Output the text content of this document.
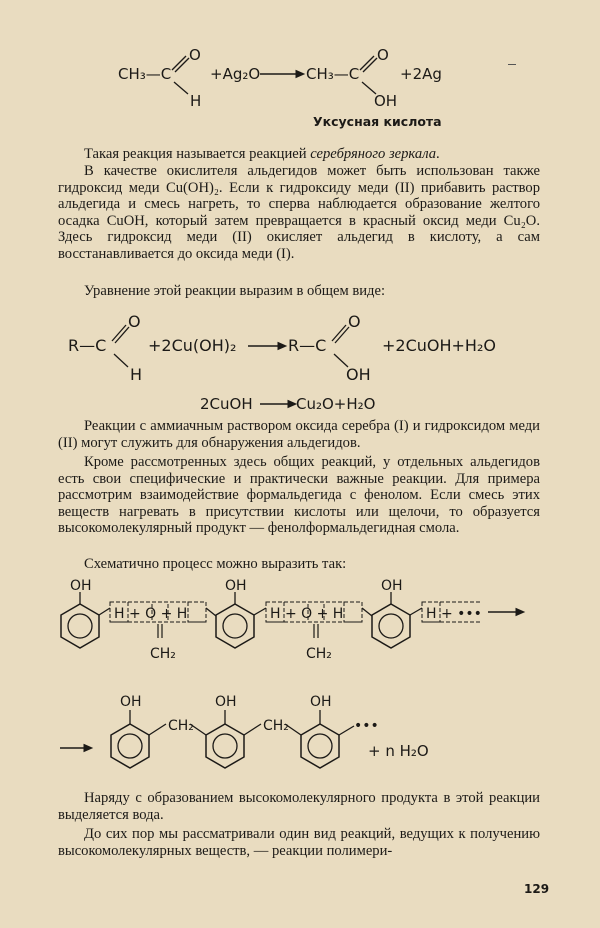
CH₃—C
O
H
+Ag₂O	CH₃—C
O
OH
+2Ag
Уксусная кислота

Такая реакция называется реакцией серебряного зеркала.

В качестве окислителя альдегидов может быть использован также гидроксид меди Cu(OH)₂. Если к гидроксиду меди (II) прибавить раствор альдегида и смесь нагреть, то сперва наблюдается образование желтого осадка CuOH, который затем превращается в красный оксид меди Cu₂O. Здесь гидроксид меди (II) окисляет альдегид в кислоту, а сам восстанавливается до оксида меди (I).

Уравнение этой реакции выразим в общем виде:

R—C
O
H
+2Cu(OH)₂	R—C
O
OH
+2CuOH+H₂O
2CuOH	Cu₂O+H₂O

Реакции с аммиачным раствором оксида серебра (I) и гидроксидом меди (II) могут служить для обнаружения альдегидов.

Кроме рассмотренных здесь общих реакций, у отдельных альдегидов есть свои специфические и практически важные реакции. Для примера рассмотрим взаимодействие формальдегида с фенолом. Если смесь этих веществ нагревать в присутствии кислоты или щелочи, то образуется высокомолекулярный продукт — фенолформальдегидная смола.

Схематично процесс можно выразить так:

OH
H + O + H
CH₂
OH
H + O + H
CH₂
OH
H + •••
OH
CH₂
OH
CH₂
OH
•••
+ n H₂O

Наряду с образованием высокомолекулярного продукта в этой реакции выделяется вода.

До сих пор мы рассматривали один вид реакций, ведущих к получению высокомолекулярных веществ, — реакции полимери-

129
